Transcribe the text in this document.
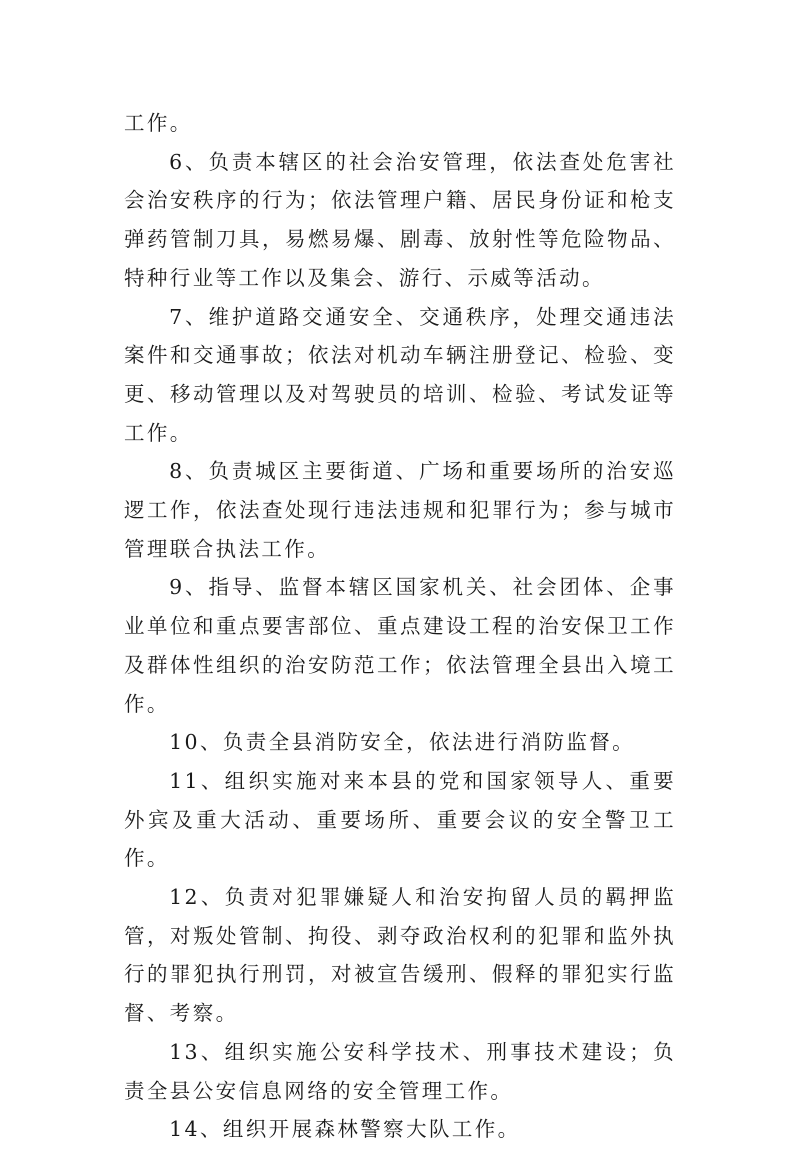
工作。

6、负责本辖区的社会治安管理，依法查处危害社会治安秩序的行为；依法管理户籍、居民身份证和枪支弹药管制刀具，易燃易爆、剧毒、放射性等危险物品、特种行业等工作以及集会、游行、示威等活动。

7、维护道路交通安全、交通秩序，处理交通违法案件和交通事故；依法对机动车辆注册登记、检验、变更、移动管理以及对驾驶员的培训、检验、考试发证等工作。

8、负责城区主要街道、广场和重要场所的治安巡逻工作，依法查处现行违法违规和犯罪行为；参与城市管理联合执法工作。

9、指导、监督本辖区国家机关、社会团体、企事业单位和重点要害部位、重点建设工程的治安保卫工作及群体性组织的治安防范工作；依法管理全县出入境工作。

10、负责全县消防安全，依法进行消防监督。

11、组织实施对来本县的党和国家领导人、重要外宾及重大活动、重要场所、重要会议的安全警卫工作。

12、负责对犯罪嫌疑人和治安拘留人员的羁押监管，对叛处管制、拘役、剥夺政治权利的犯罪和监外执行的罪犯执行刑罚，对被宣告缓刑、假释的罪犯实行监督、考察。

13、组织实施公安科学技术、刑事技术建设；负责全县公安信息网络的安全管理工作。

14、组织开展森林警察大队工作。
